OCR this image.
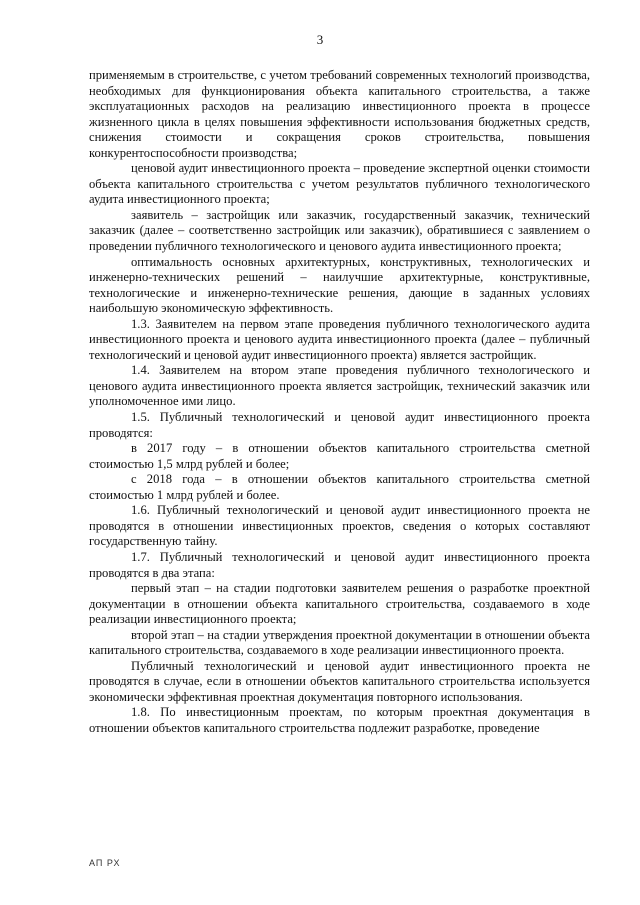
3

применяемым в строительстве, с учетом требований современных технологий производства, необходимых для функционирования объекта капитального строительства, а также эксплуатационных расходов на реализацию инвестиционного проекта в процессе жизненного цикла в целях повышения эффективности использования бюджетных средств, снижения стоимости и сокращения сроков строительства, повышения конкурентоспособности производства;

ценовой аудит инвестиционного проекта – проведение экспертной оценки стоимости объекта капитального строительства с учетом результатов публичного технологического аудита инвестиционного проекта;

заявитель – застройщик или заказчик, государственный заказчик, технический заказчик (далее – соответственно застройщик или заказчик), обратившиеся с заявлением о проведении публичного технологического и ценового аудита инвестиционного проекта;

оптимальность основных архитектурных, конструктивных, технологических и инженерно-технических решений – наилучшие архитектурные, конструктивные, технологические и инженерно-технические решения, дающие в заданных условиях наибольшую экономическую эффективность.

1.3. Заявителем на первом этапе проведения публичного технологического аудита инвестиционного проекта и ценового аудита инвестиционного проекта (далее – публичный технологический и ценовой аудит инвестиционного проекта) является застройщик.

1.4. Заявителем на втором этапе проведения публичного технологического и ценового аудита инвестиционного проекта является застройщик, технический заказчик или уполномоченное ими лицо.

1.5. Публичный технологический и ценовой аудит инвестиционного проекта проводятся:

в 2017 году – в отношении объектов капитального строительства сметной стоимостью 1,5 млрд рублей и более;

с 2018 года – в отношении объектов капитального строительства сметной стоимостью 1 млрд рублей и более.

1.6. Публичный технологический и ценовой аудит инвестиционного проекта не проводятся в отношении инвестиционных проектов, сведения о которых составляют государственную тайну.

1.7. Публичный технологический и ценовой аудит инвестиционного проекта проводятся в два этапа:

первый этап – на стадии подготовки заявителем решения о разработке проектной документации в отношении объекта капитального строительства, создаваемого в ходе реализации инвестиционного проекта;

второй этап – на стадии утверждения проектной документации в отношении объекта капитального строительства, создаваемого в ходе реализации инвестиционного проекта.

Публичный технологический и ценовой аудит инвестиционного проекта не проводятся в случае, если в отношении объектов капитального строительства используется экономически эффективная проектная документация повторного использования.

1.8. По инвестиционным проектам, по которым проектная документация в отношении объектов капитального строительства подлежит разработке, проведение

АП РХ
